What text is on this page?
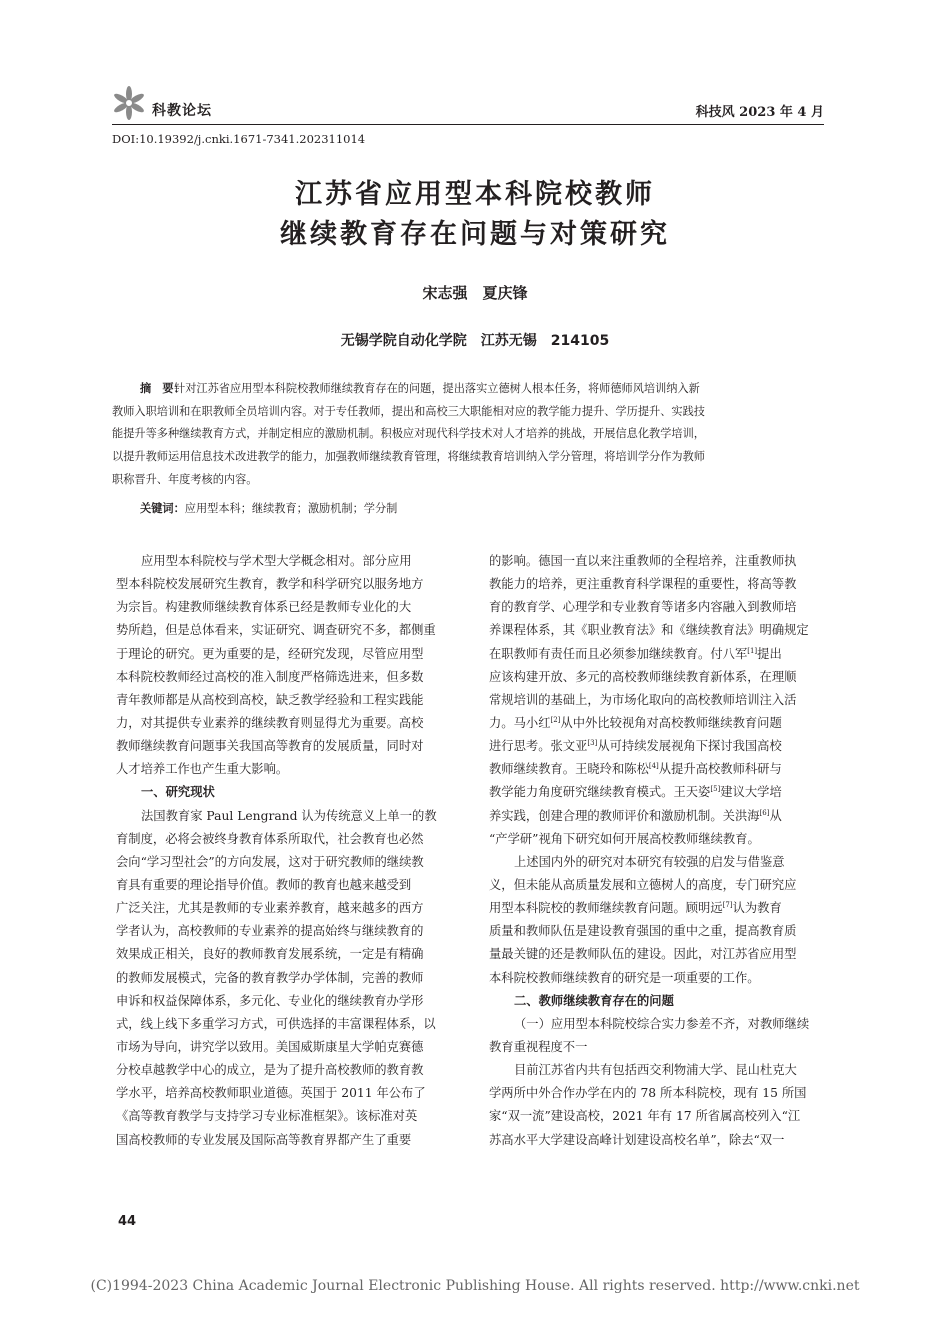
科教论坛	科技风 2023 年 4 月
DOI:10.19392/j.cnki.1671-7341.202311014
江苏省应用型本科院校教师
继续教育存在问题与对策研究
宋志强　夏庆锋
无锡学院自动化学院　江苏无锡　214105
摘　要：针对江苏省应用型本科院校教师继续教育存在的问题，提出落实立德树人根本任务，将师德师风培训纳入新
教师入职培训和在职教师全员培训内容。对于专任教师，提出和高校三大职能相对应的教学能力提升、学历提升、实践技
能提升等多种继续教育方式，并制定相应的激励机制。积极应对现代科学技术对人才培养的挑战，开展信息化教学培训，
以提升教师运用信息技术改进教学的能力，加强教师继续教育管理，将继续教育培训纳入学分管理，将培训学分作为教师
职称晋升、年度考核的内容。
关键词：应用型本科；继续教育；激励机制；学分制
应用型本科院校与学术型大学概念相对。部分应用
型本科院校发展研究生教育，教学和科学研究以服务地方
为宗旨。构建教师继续教育体系已经是教师专业化的大
势所趋，但是总体看来，实证研究、调查研究不多，都侧重
于理论的研究。更为重要的是，经研究发现，尽管应用型
本科院校教师经过高校的准入制度严格筛选进来，但多数
青年教师都是从高校到高校，缺乏教学经验和工程实践能
力，对其提供专业素养的继续教育则显得尤为重要。高校
教师继续教育问题事关我国高等教育的发展质量，同时对
人才培养工作也产生重大影响。
一、研究现状
法国教育家 Paul Lengrand 认为传统意义上单一的教
育制度，必将会被终身教育体系所取代，社会教育也必然
会向“学习型社会”的方向发展，这对于研究教师的继续教
育具有重要的理论指导价值。教师的教育也越来越受到
广泛关注，尤其是教师的专业素养教育，越来越多的西方
学者认为，高校教师的专业素养的提高始终与继续教育的
效果成正相关，良好的教师教育发展系统，一定是有精确
的教师发展模式，完备的教育教学办学体制，完善的教师
申诉和权益保障体系，多元化、专业化的继续教育办学形
式，线上线下多重学习方式，可供选择的丰富课程体系，以
市场为导向，讲究学以致用。美国威斯康星大学帕克赛德
分校卓越教学中心的成立，是为了提升高校教师的教育教
学水平，培养高校教师职业道德。英国于 2011 年公布了
《高等教育教学与支持学习专业标准框架》。该标准对英
国高校教师的专业发展及国际高等教育界都产生了重要
的影响。德国一直以来注重教师的全程培养，注重教师执
教能力的培养，更注重教育科学课程的重要性，将高等教
育的教育学、心理学和专业教育等诸多内容融入到教师培
养课程体系，其《职业教育法》和《继续教育法》明确规定
在职教师有责任而且必须参加继续教育。付八军[1]提出
应该构建开放、多元的高校教师继续教育新体系，在理顺
常规培训的基础上，为市场化取向的高校教师培训注入活
力。马小红[2]从中外比较视角对高校教师继续教育问题
进行思考。张文亚[3]从可持续发展视角下探讨我国高校
教师继续教育。王晓玲和陈松[4]从提升高校教师科研与
教学能力角度研究继续教育模式。王天姿[5]建议大学培
养实践，创建合理的教师评价和激励机制。关洪海[6]从
“产学研”视角下研究如何开展高校教师继续教育。
上述国内外的研究对本研究有较强的启发与借鉴意
义，但未能从高质量发展和立德树人的高度，专门研究应
用型本科院校的教师继续教育问题。顾明远[7]认为教育
质量和教师队伍是建设教育强国的重中之重，提高教育质
量最关键的还是教师队伍的建设。因此，对江苏省应用型
本科院校教师继续教育的研究是一项重要的工作。
二、教师继续教育存在的问题
（一）应用型本科院校综合实力参差不齐，对教师继续
教育重视程度不一
目前江苏省内共有包括西交利物浦大学、昆山杜克大
学两所中外合作办学在内的 78 所本科院校，现有 15 所国
家“双一流”建设高校，2021 年有 17 所省属高校列入“江
苏高水平大学建设高峰计划建设高校名单”，除去“双一
44
(C)1994-2023 China Academic Journal Electronic Publishing House. All rights reserved. http://www.cnki.net
